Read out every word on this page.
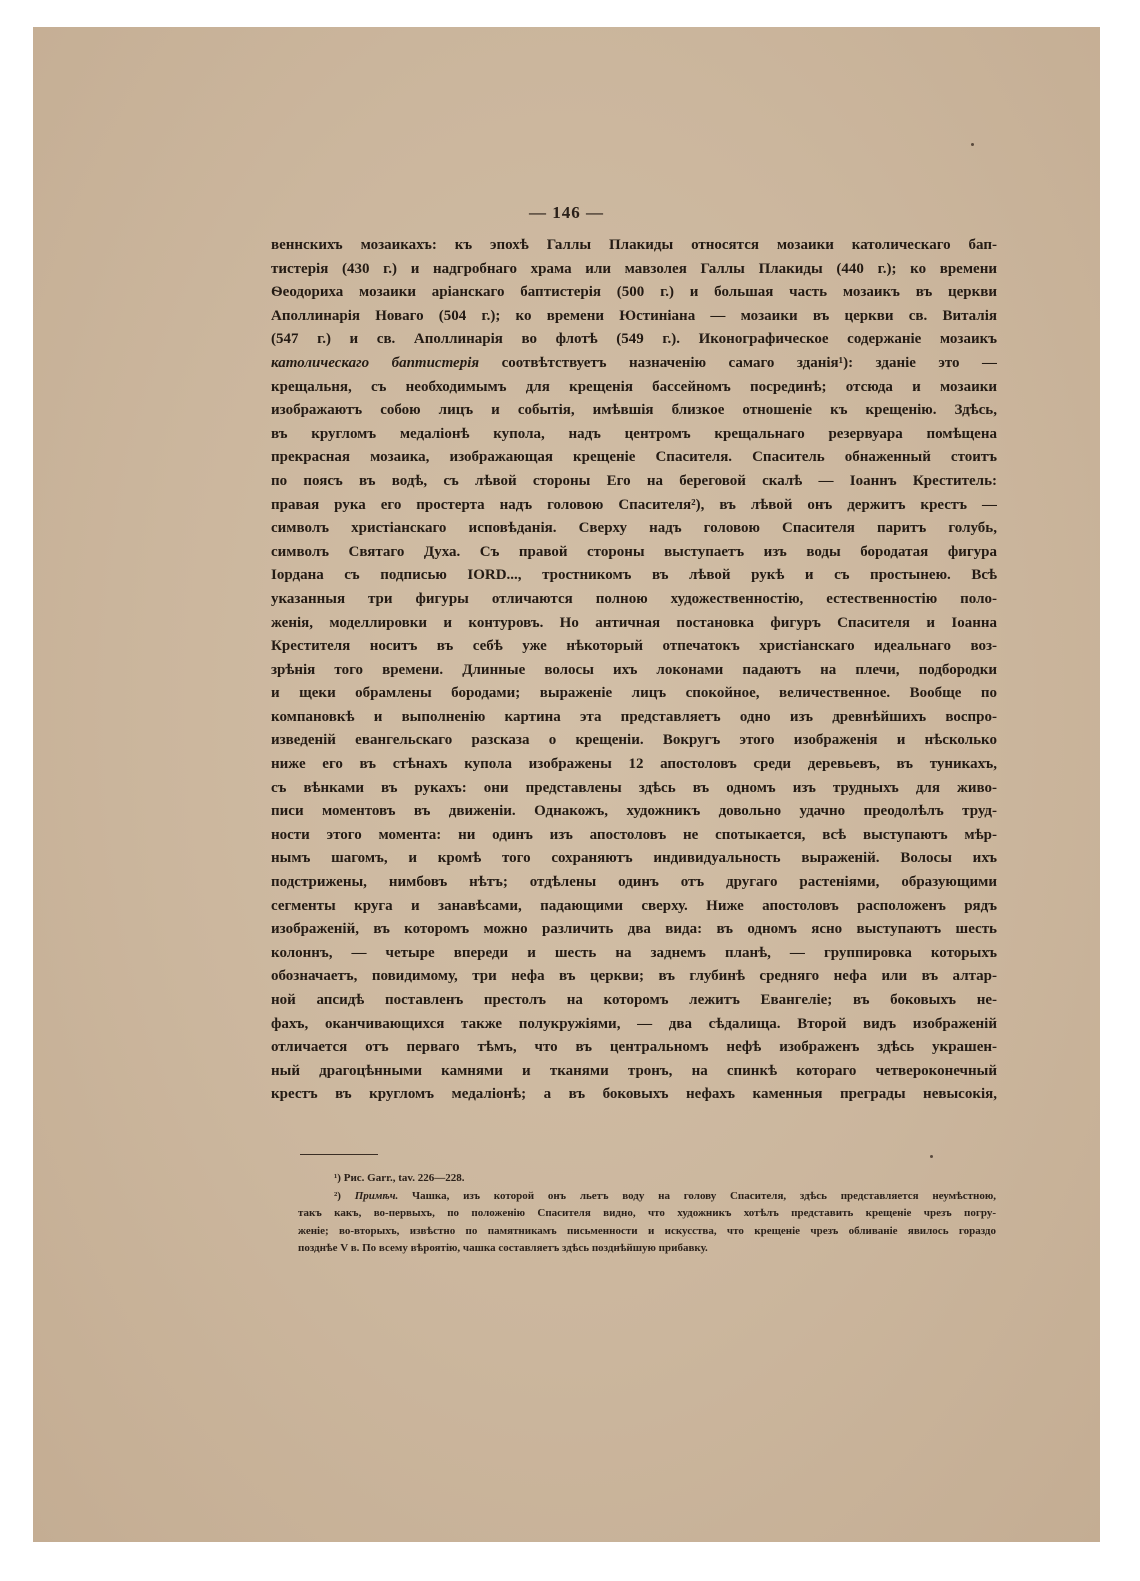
— 146 —
веннскихъ мозаикахъ: къ эпохѣ Галлы Плакиды относятся мозаики католическаго бап-
тистерія (430 г.) и надгробнаго храма или мавзолея Галлы Плакиды (440 г.); ко времени
Ѳеодориха мозаики аріанскаго баптистерія (500 г.) и большая часть мозаикъ въ церкви
Аполлинарія Новаго (504 г.); ко времени Юстиніана — мозаики въ церкви св. Виталія
(547 г.) и св. Аполлинарія во флотѣ (549 г.). Иконографическое содержаніе мозаикъ
католическаго баптистерія соотвѣтствуетъ назначенію самаго зданія¹): зданіе это —
крещальня, съ необходимымъ для крещенія бассейномъ посрединѣ; отсюда и мозаики
изображаютъ собою лицъ и событія, имѣвшія близкое отношеніе къ крещенію. Здѣсь,
въ кругломъ медаліонѣ купола, надъ центромъ крещальнаго резервуара помѣщена
прекрасная мозаика, изображающая крещеніе Спасителя. Спаситель обнаженный стоитъ
по поясъ въ водѣ, съ лѣвой стороны Его на береговой скалѣ — Іоаннъ Креститель:
правая рука его простерта надъ головою Спасителя²), въ лѣвой онъ держитъ крестъ —
символъ христіанскаго исповѣданія. Сверху надъ головою Спасителя паритъ голубь,
символъ Святаго Духа. Съ правой стороны выступаетъ изъ воды бородатая фигура
Іордана съ подписью IORD..., тростникомъ въ лѣвой рукѣ и съ простынею. Всѣ
указанныя три фигуры отличаются полною художественностію, естественностію поло-
женія, моделлировки и контуровъ. Но античная постановка фигуръ Спасителя и Іоанна
Крестителя носитъ въ себѣ уже нѣкоторый отпечатокъ христіанскаго идеальнаго воз-
зрѣнія того времени. Длинные волосы ихъ локонами падаютъ на плечи, подбородки
и щеки обрамлены бородами; выраженіе лицъ спокойное, величественное. Вообще по
компановкѣ и выполненію картина эта представляетъ одно изъ древнѣйшихъ воспро-
изведеній евангельскаго разсказа о крещеніи. Вокругъ этого изображенія и нѣсколько
ниже его въ стѣнахъ купола изображены 12 апостоловъ среди деревьевъ, въ туникахъ,
съ вѣнками въ рукахъ: они представлены здѣсь въ одномъ изъ трудныхъ для живо-
писи моментовъ въ движеніи. Однакожъ, художникъ довольно удачно преодолѣлъ труд-
ности этого момента: ни одинъ изъ апостоловъ не спотыкается, всѣ выступаютъ мѣр-
нымъ шагомъ, и кромѣ того сохраняютъ индивидуальность выраженій. Волосы ихъ
подстрижены, нимбовъ нѣтъ; отдѣлены одинъ отъ другаго растеніями, образующими
сегменты круга и занавѣсами, падающими сверху. Ниже апостоловъ расположенъ рядъ
изображеній, въ которомъ можно различить два вида: въ одномъ ясно выступаютъ шесть
колоннъ, — четыре впереди и шесть на заднемъ планѣ, — группировка которыхъ
обозначаетъ, повидимому, три нефа въ церкви; въ глубинѣ средняго нефа или въ алтар-
ной апсидѣ поставленъ престолъ на которомъ лежитъ Евангеліе; въ боковыхъ не-
фахъ, оканчивающихся также полукружіями, — два сѣдалища. Второй видъ изображеній
отличается отъ перваго тѣмъ, что въ центральномъ нефѣ изображенъ здѣсь украшен-
ный драгоцѣнными камнями и тканями тронъ, на спинкѣ котораго четвероконечный
крестъ въ кругломъ медаліонѣ; а въ боковыхъ нефахъ каменныя преграды невысокія,
¹) Рис. Garr., tav. 226—228.
²) Примѣч. Чашка, изъ которой онъ льетъ воду на голову Спасителя, здѣсь представляется неумѣстною,
такъ какъ, во-первыхъ, по положенію Спасителя видно, что художникъ хотѣлъ представить крещеніе чрезъ погру-
женіе; во-вторыхъ, извѣстно по памятникамъ письменности и искусства, что крещеніе чрезъ обливаніе явилось гораздо
позднѣе V в. По всему вѣроятію, чашка составляетъ здѣсь позднѣйшую прибавку.
